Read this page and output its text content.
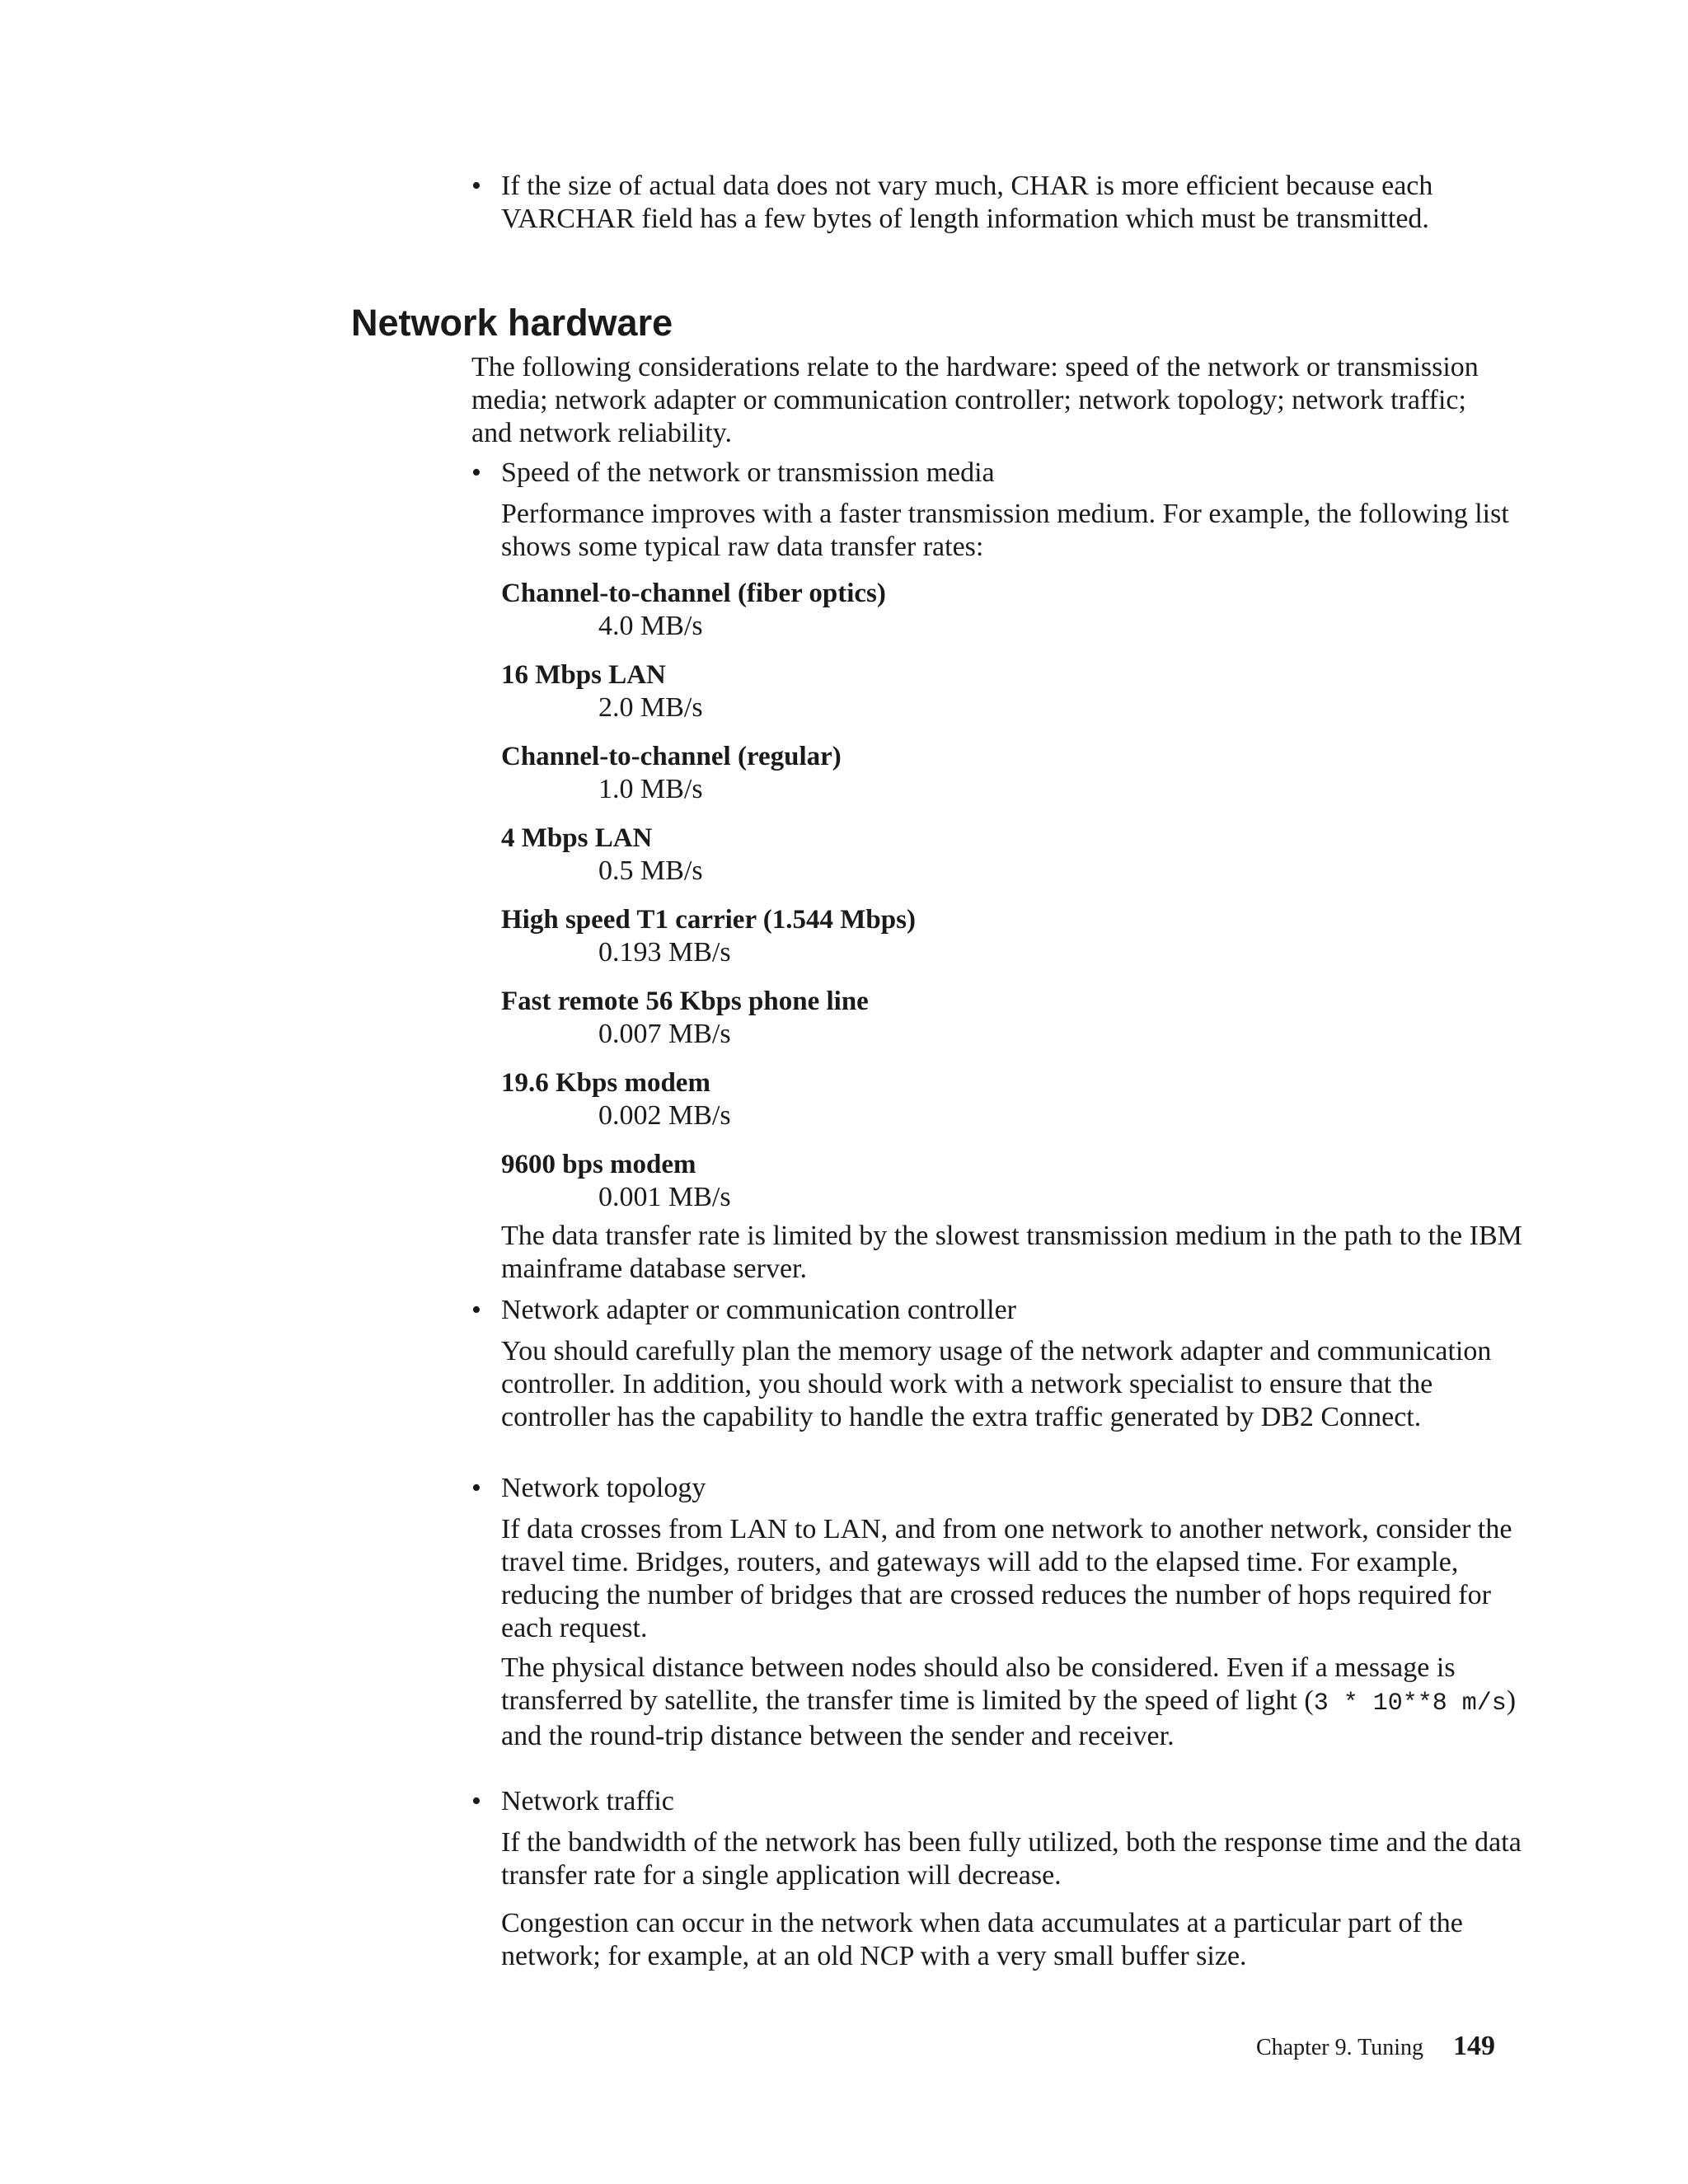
• If the size of actual data does not vary much, CHAR is more efficient because each VARCHAR field has a few bytes of length information which must be transmitted.
Network hardware

The following considerations relate to the hardware: speed of the network or transmission media; network adapter or communication controller; network topology; network traffic; and network reliability.

• Speed of the network or transmission media

Performance improves with a faster transmission medium. For example, the following list shows some typical raw data transfer rates:

Channel-to-channel (fiber optics)
4.0 MB/s
16 Mbps LAN
2.0 MB/s
Channel-to-channel (regular)
1.0 MB/s
4 Mbps LAN
0.5 MB/s
High speed T1 carrier (1.544 Mbps)
0.193 MB/s
Fast remote 56 Kbps phone line
0.007 MB/s
19.6 Kbps modem
0.002 MB/s
9600 bps modem
0.001 MB/s

The data transfer rate is limited by the slowest transmission medium in the path to the IBM mainframe database server.

• Network adapter or communication controller

You should carefully plan the memory usage of the network adapter and communication controller. In addition, you should work with a network specialist to ensure that the controller has the capability to handle the extra traffic generated by DB2 Connect.

• Network topology

If data crosses from LAN to LAN, and from one network to another network, consider the travel time. Bridges, routers, and gateways will add to the elapsed time. For example, reducing the number of bridges that are crossed reduces the number of hops required for each request.

The physical distance between nodes should also be considered. Even if a message is transferred by satellite, the transfer time is limited by the speed of light (3 * 10**8 m/s) and the round-trip distance between the sender and receiver.

• Network traffic

If the bandwidth of the network has been fully utilized, both the response time and the data transfer rate for a single application will decrease.

Congestion can occur in the network when data accumulates at a particular part of the network; for example, at an old NCP with a very small buffer size.

Chapter 9. Tuning 149
